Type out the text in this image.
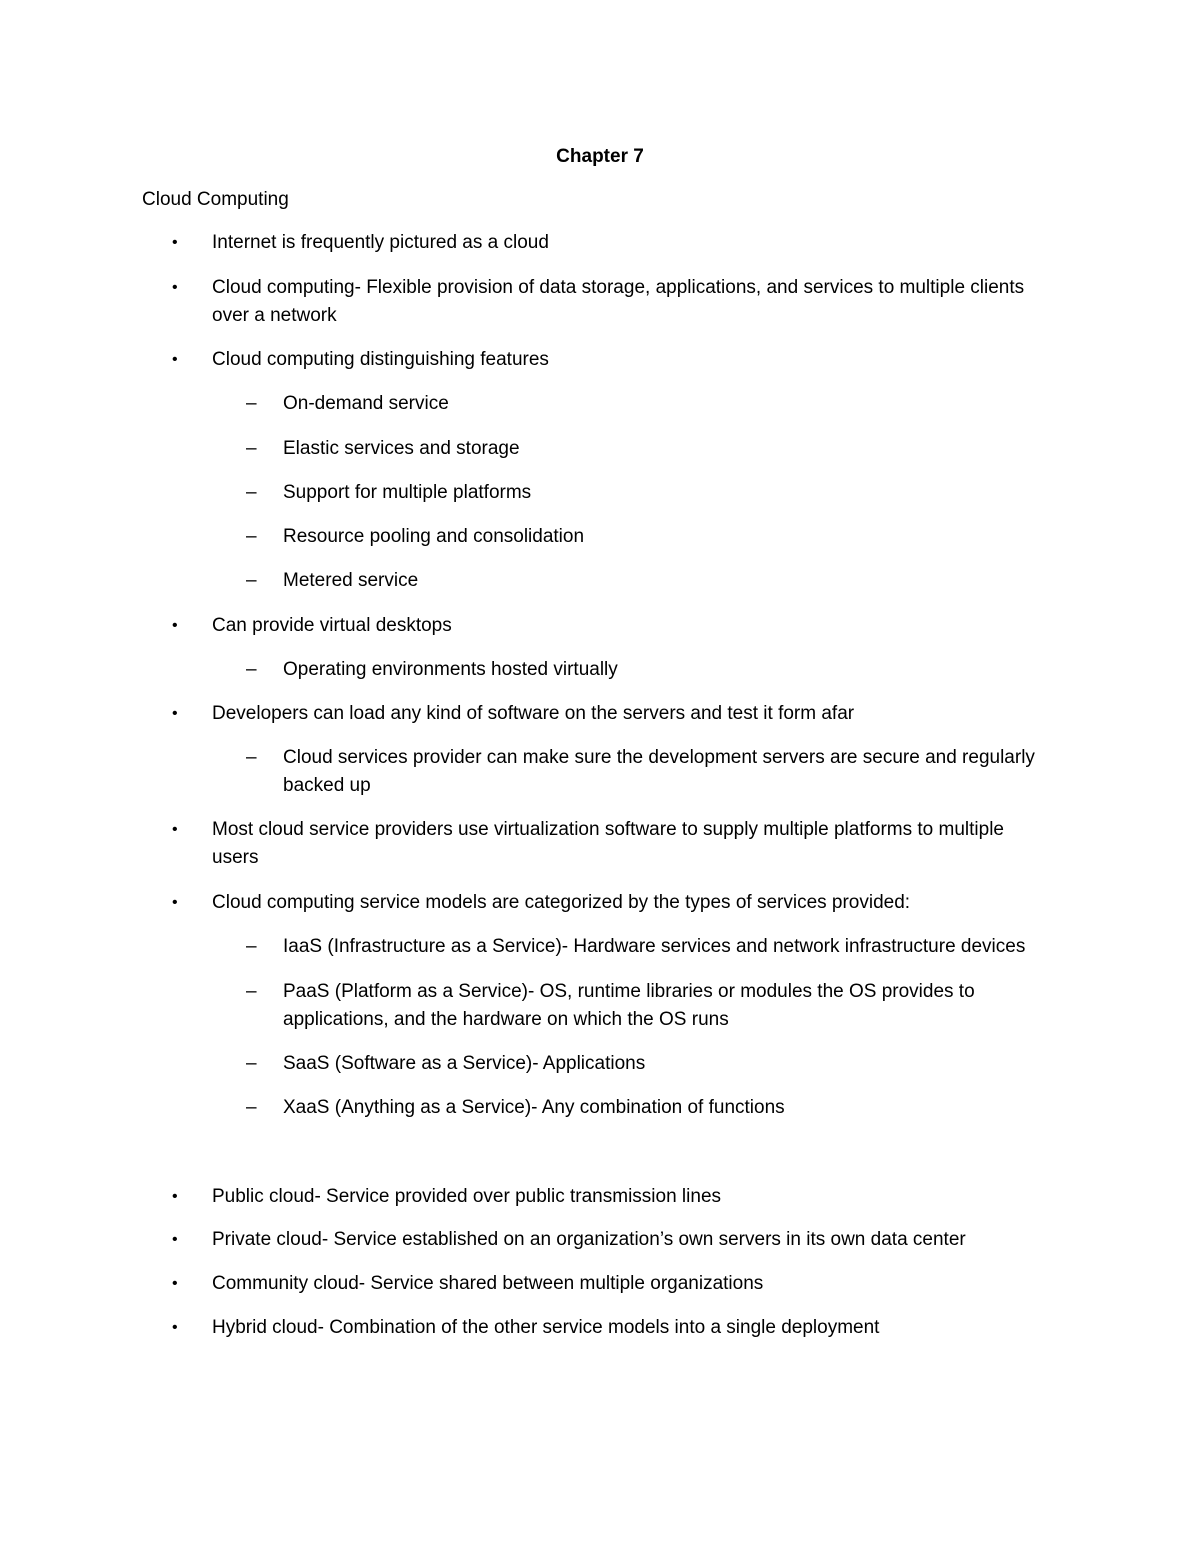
Chapter 7
Cloud Computing
• Internet is frequently pictured as a cloud
• Cloud computing- Flexible provision of data storage, applications, and services to multiple clients
over a network
• Cloud computing distinguishing features
– On-demand service
– Elastic services and storage
– Support for multiple platforms
– Resource pooling and consolidation
– Metered service
• Can provide virtual desktops
– Operating environments hosted virtually
• Developers can load any kind of software on the servers and test it form afar
– Cloud services provider can make sure the development servers are secure and regularly
backed up
• Most cloud service providers use virtualization software to supply multiple platforms to multiple
users
• Cloud computing service models are categorized by the types of services provided:
– IaaS (Infrastructure as a Service)- Hardware services and network infrastructure devices
– PaaS (Platform as a Service)- OS, runtime libraries or modules the OS provides to
applications, and the hardware on which the OS runs
– SaaS (Software as a Service)- Applications
– XaaS (Anything as a Service)- Any combination of functions
• Public cloud- Service provided over public transmission lines
• Private cloud- Service established on an organization’s own servers in its own data center
• Community cloud- Service shared between multiple organizations
• Hybrid cloud- Combination of the other service models into a single deployment
